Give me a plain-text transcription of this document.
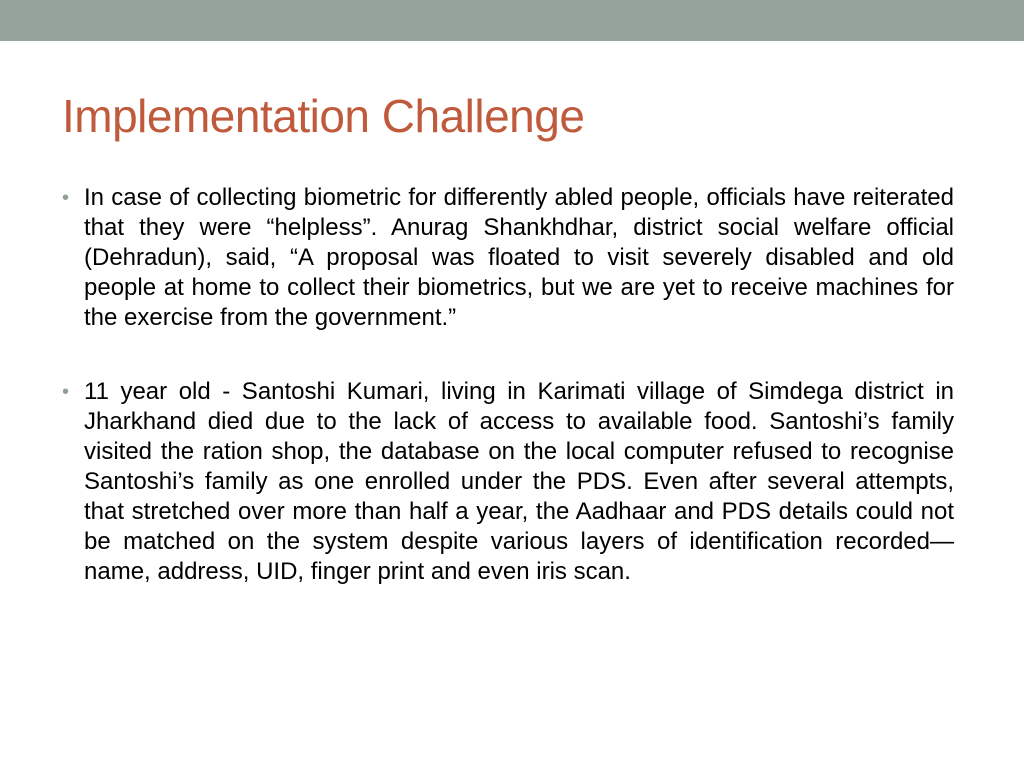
Implementation Challenge
• In case of collecting biometric for differently abled people, officials have reiterated that they were “helpless”. Anurag Shankhdhar, district social welfare official (Dehradun), said, “A proposal was floated to visit severely disabled and old people at home to collect their biometrics, but we are yet to receive machines for the exercise from the government.”
• 11 year old - Santoshi Kumari, living in Karimati village of Simdega district in Jharkhand died due to the lack of access to available food. Santoshi’s family visited the ration shop, the database on the local computer refused to recognise Santoshi’s family as one enrolled under the PDS. Even after several attempts, that stretched over more than half a year, the Aadhaar and PDS details could not be matched on the system despite various layers of identification recorded—name, address, UID, finger print and even iris scan.
